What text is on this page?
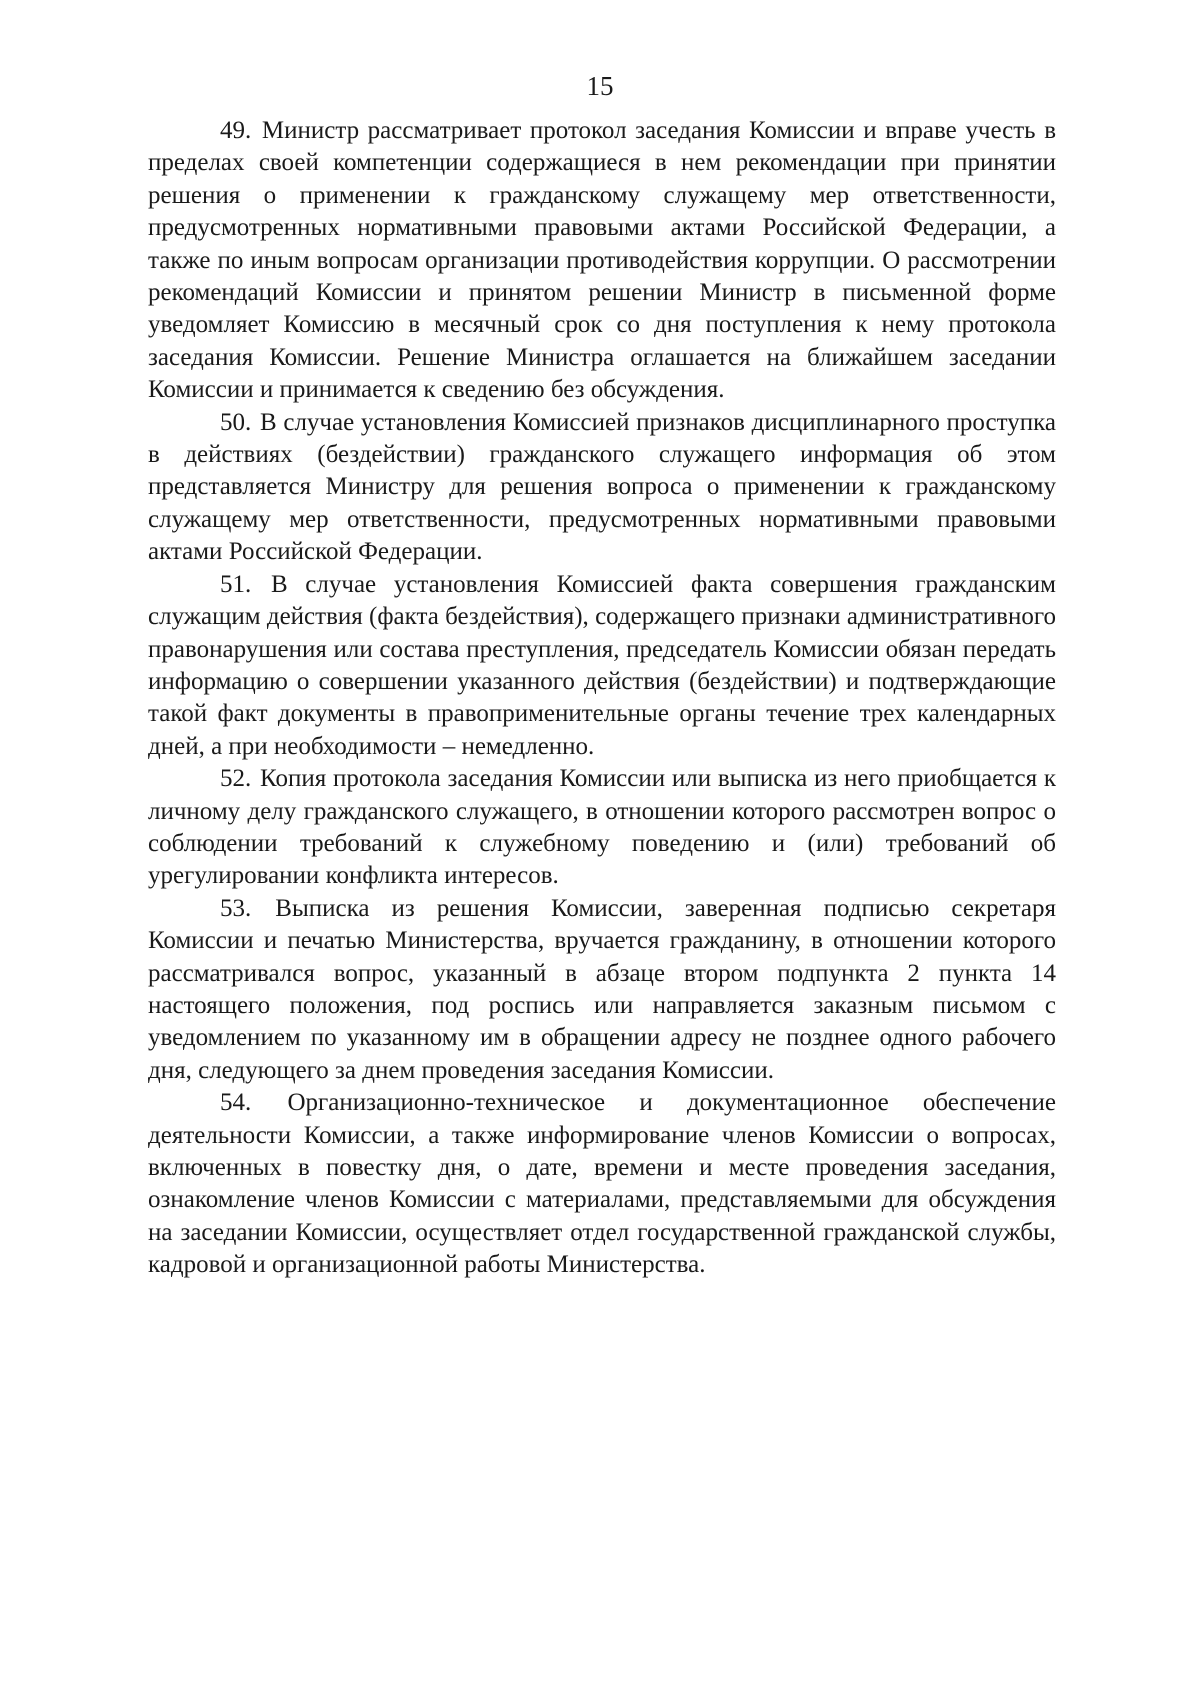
15

49. Министр рассматривает протокол заседания Комиссии и вправе учесть в пределах своей компетенции содержащиеся в нем рекомендации при принятии решения о применении к гражданскому служащему мер ответственности, предусмотренных нормативными правовыми актами Российской Федерации, а также по иным вопросам организации противодействия коррупции. О рассмотрении рекомендаций Комиссии и принятом решении Министр в письменной форме уведомляет Комиссию в месячный срок со дня поступления к нему протокола заседания Комиссии. Решение Министра оглашается на ближайшем заседании Комиссии и принимается к сведению без обсуждения.

50. В случае установления Комиссией признаков дисциплинарного проступка в действиях (бездействии) гражданского служащего информация об этом представляется Министру для решения вопроса о применении к гражданскому служащему мер ответственности, предусмотренных нормативными правовыми актами Российской Федерации.

51. В случае установления Комиссией факта совершения гражданским служащим действия (факта бездействия), содержащего признаки административного правонарушения или состава преступления, председатель Комиссии обязан передать информацию о совершении указанного действия (бездействии) и подтверждающие такой факт документы в правоприменительные органы течение трех календарных дней, а при необходимости – немедленно.

52. Копия протокола заседания Комиссии или выписка из него приобщается к личному делу гражданского служащего, в отношении которого рассмотрен вопрос о соблюдении требований к служебному поведению и (или) требований об урегулировании конфликта интересов.

53. Выписка из решения Комиссии, заверенная подписью секретаря Комиссии и печатью Министерства, вручается гражданину, в отношении которого рассматривался вопрос, указанный в абзаце втором подпункта 2 пункта 14 настоящего положения, под роспись или направляется заказным письмом с уведомлением по указанному им в обращении адресу не позднее одного рабочего дня, следующего за днем проведения заседания Комиссии.

54. Организационно-техническое и документационное обеспечение деятельности Комиссии, а также информирование членов Комиссии о вопросах, включенных в повестку дня, о дате, времени и месте проведения заседания, ознакомление членов Комиссии с материалами, представляемыми для обсуждения на заседании Комиссии, осуществляет отдел государственной гражданской службы, кадровой и организационной работы Министерства.
